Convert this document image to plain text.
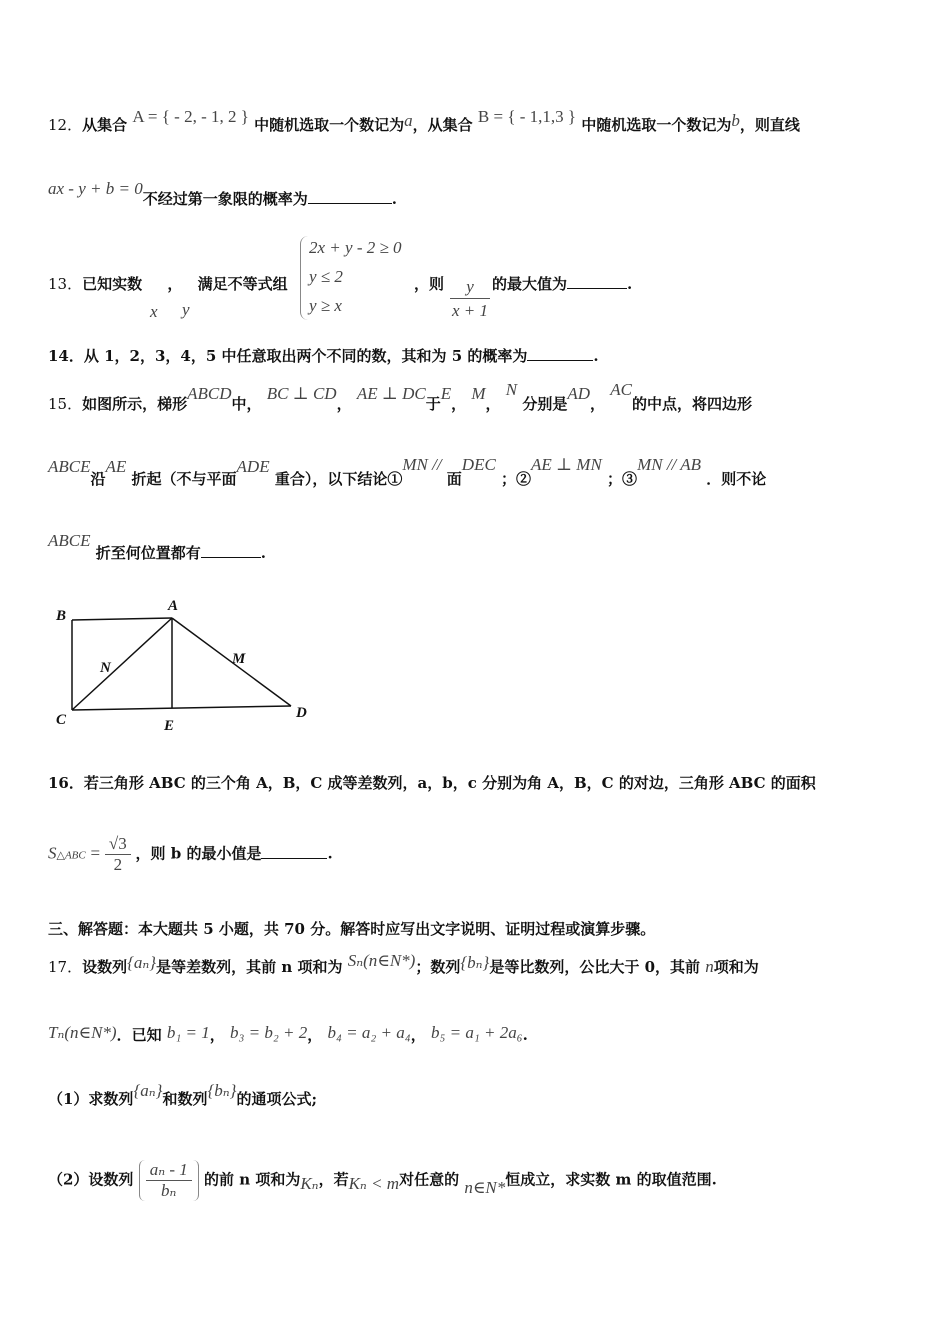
12．从集合 A = { - 2, - 1, 2 } 中随机选取一个数记为a，从集合 B = { - 1,1,3 } 中随机选取一个数记为b，则直线
ax - y + b = 0不经过第一象限的概率为	.
13．已知实数 ， 满足不等式组
x y
2x + y - 2 ≥ 0
y ≤ 2
y ≥ x
，则 $\frac{y}{x + 1}$ 的最大值为	.
14．从 1，2，3，4，5 中任意取出两个不同的数，其和为 5 的概率为	.
15．如图所示，梯形ABCD中， BC ⊥ CD， AE ⊥ DC于E， M， N 分别是AD， AC的中点，将四边形
ABCE沿AE 折起（不与平面ADE 重合），以下结论①MN // 面DEC ；②AE ⊥ MN ；③MN // AB ．则不论
ABCE 折至何位置都有	.
A
B
C	D
E
M
N
16．若三角形 ABC 的三个角 A，B，C 成等差数列，a，b，c 分别为角 A，B，C 的对边，三角形 ABC 的面积
S△ABC = $\frac{√3}{2}$ ，则 b 的最小值是	.
三、解答题：本大题共 5 小题，共 70 分。解答时应写出文字说明、证明过程或演算步骤。
17．设数列{aₙ}是等差数列，其前 n 项和为 Sₙ(n∈N*)；数列{bₙ}是等比数列，公比大于 0，其前 n项和为
Tₙ(n∈N*)．已知 b₁ = 1， b₃ = b₂ + 2， b₄ = a₂ + a₄， b₅ = a₁ + 2a₆.
（1）求数列{aₙ}和数列{bₙ}的通项公式;
（2）设数列 $\frac{\text{aₙ - 1}}{\text{bₙ}}$ 的前 n 项和为Kₙ，若Kₙ < m对任意的 n∈N*恒成立，求实数 m 的取值范围.
